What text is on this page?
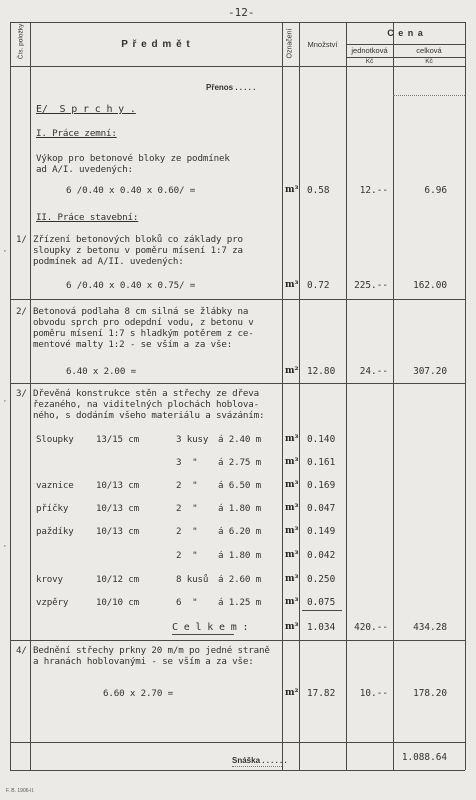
-12-
Čís. položky	P ř e d m ě t	Označení	Množství
C e n a
jednotková	celková
Kč	Kč
Přenos . . . . .
E/  S p r c h y .
I. Práce zemní:
Výkop pro betonové bloky ze podmínek
ad A/I. uvedených:
6 /0.40 x 0.40 x 0.60/ =	m³ 0.58	12.--	6.96
II. Práce stavební:
1/ Zřízení betonových bloků co základy pro
sloupky z betonu v poměru mísení 1:7 za
podmínek ad A/II. uvedených:
6 /0.40 x 0.40 x 0.75/ =	m³ 0.72	225.--	162.00
2/ Betonová podlaha 8 cm silná se žlábky na
obvodu sprch pro odepdní vodu, z betonu v
poměru mísení 1:7 s hladkým potěrem z ce-
mentové malty 1:2 - se vším a za vše:
6.40 x 2.00 =	m² 12.80	24.--	307.20
3/ Dřevěná konstrukce stěn a střechy ze dřeva
řezaného, na viditelných plochách hoblova-
ného, s dodáním všeho materiálu a svázáním:
Sloupky 13/15 cm	3 kusy á 2.40 m	m³ 0.140
3  " á 2.75 m	m³ 0.161
vaznice 10/13 cm	2  " á 6.50 m	m³ 0.169
příčky	10/13 cm	2  " á 1.80 m	m³ 0.047
paždíky 10/13 cm	2  " á 6.20 m	m³ 0.149
2  " á 1.80 m	m³ 0.042
krovy	10/12 cm	8 kusů á 2.60 m	m³ 0.250
vzpěry	10/10 cm	6  " á 1.25 m	m³ 0.075
C e l k e m :	m³ 1.034	420.--	434.28
4/ Bednění střechy prkny 20 m/m po jedné straně
a hranách hoblovanými - se vším a za vše:
6.60 x 2.70 =	m² 17.82	10.--	178.20
Snáška . . . . . .	1.088.64
F. B. 1906-II.
·
·
·
